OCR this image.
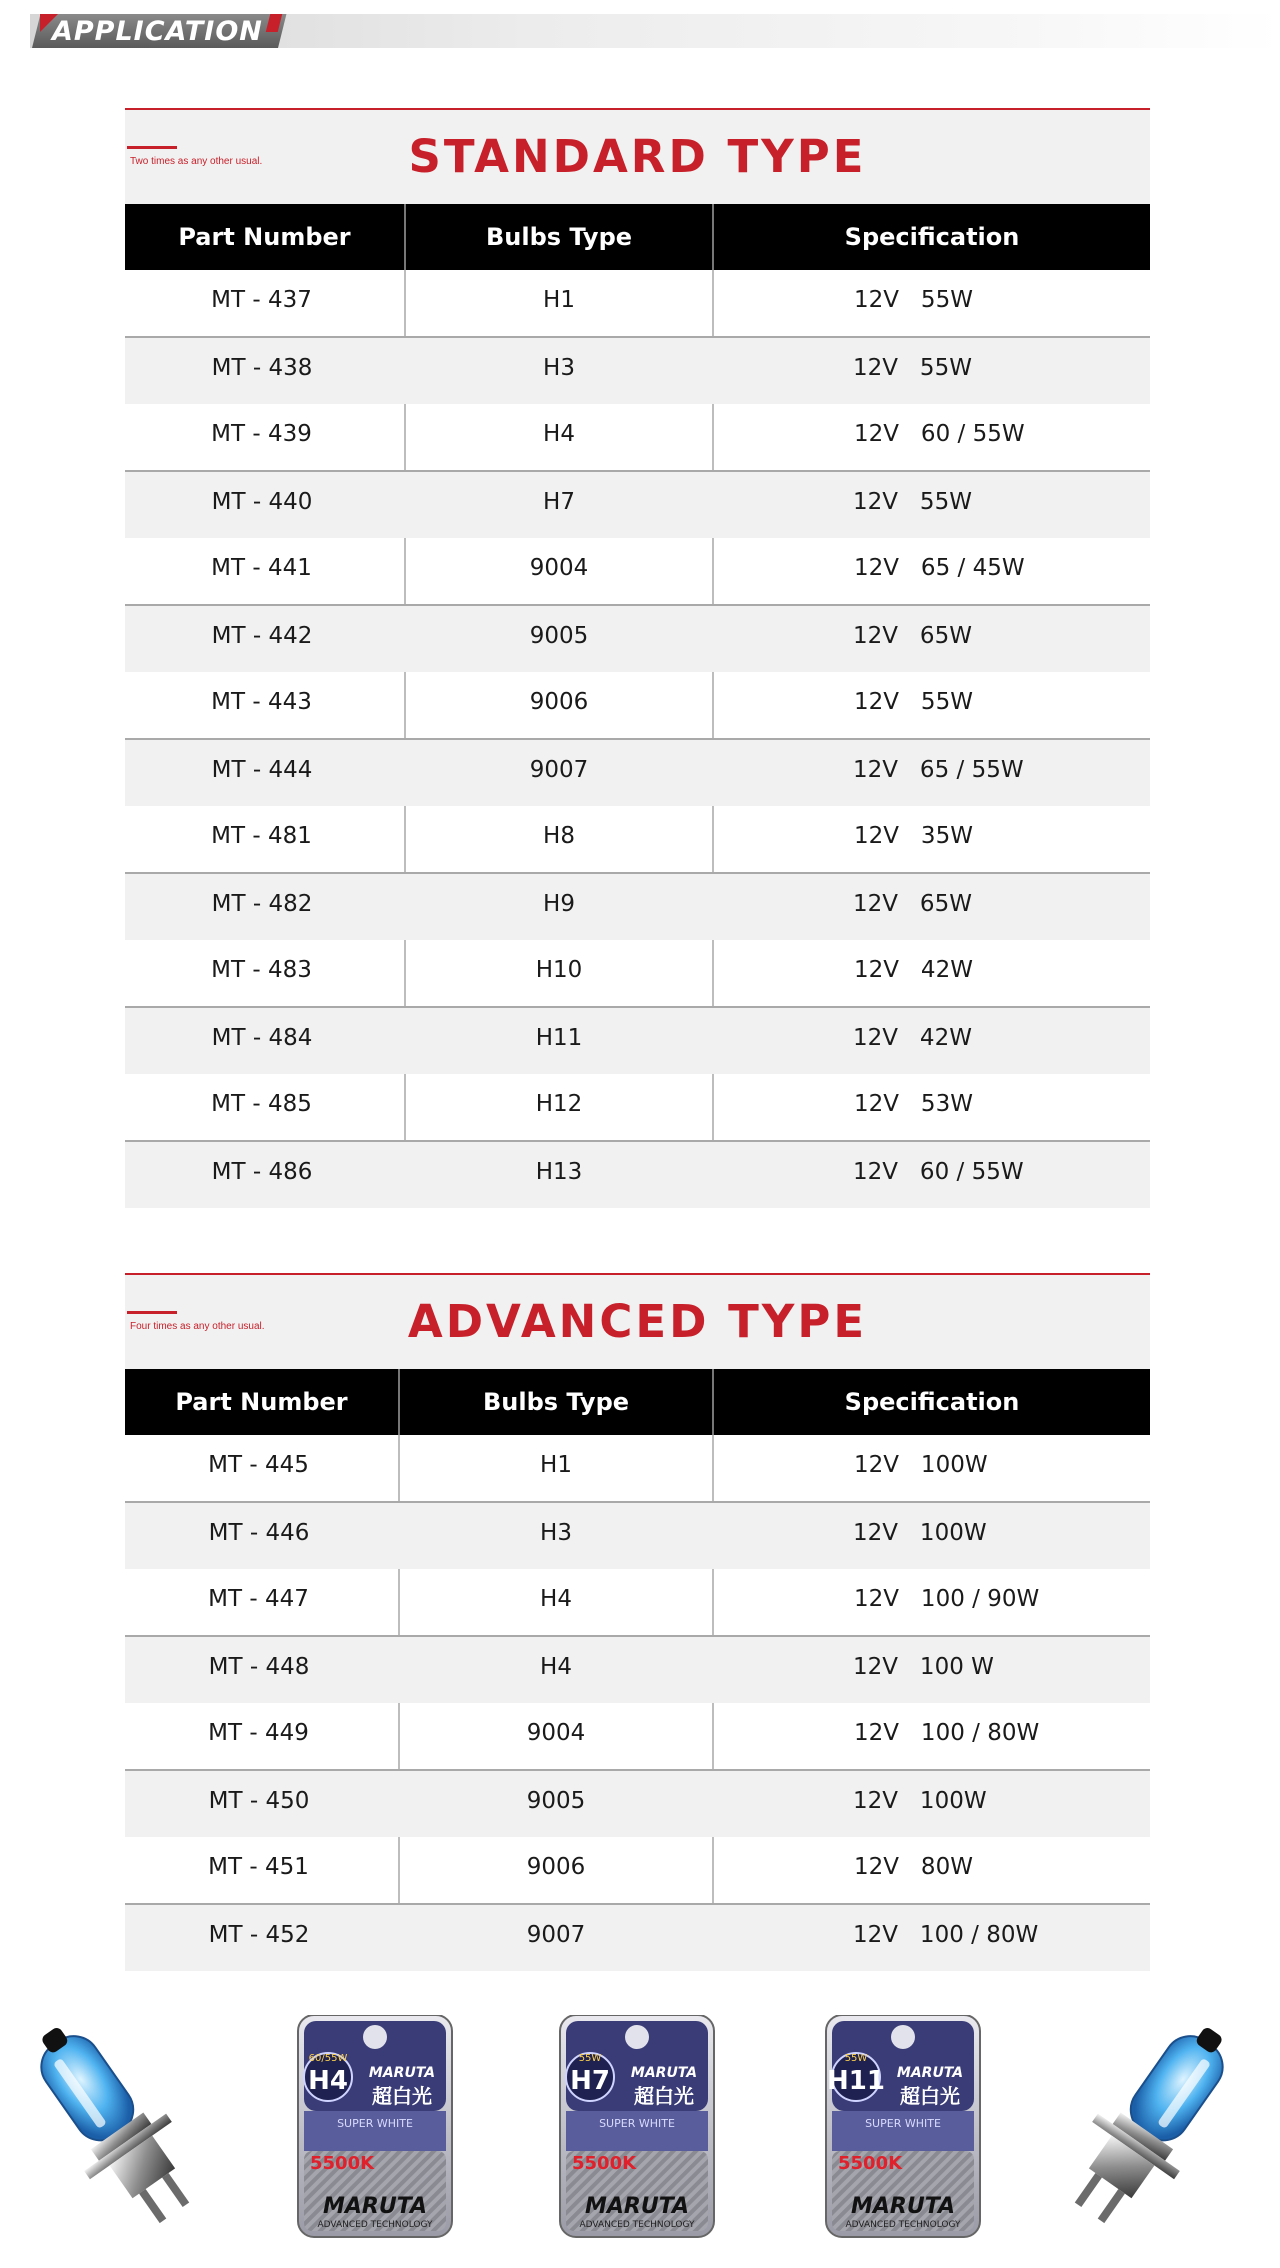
APPLICATION
Two times as any other usual.	STANDARD TYPE
Part Number	Bulbs Type	Specification
MT - 437	H1	12V   55W
MT - 438	H3	12V   55W
MT - 439	H4	12V   60 / 55W
MT - 440	H7	12V   55W
MT - 441	9004	12V   65 / 45W
MT - 442	9005	12V   65W
MT - 443	9006	12V   55W
MT - 444	9007	12V   65 / 55W
MT - 481	H8	12V   35W
MT - 482	H9	12V   65W
MT - 483	H10	12V   42W
MT - 484	H11	12V   42W
MT - 485	H12	12V   53W
MT - 486	H13	12V   60 / 55W
Four times as any other usual.	ADVANCED TYPE
Part Number	Bulbs Type	Specification
MT - 445	H1	12V   100W
MT - 446	H3	12V   100W
MT - 447	H4	12V   100 / 90W
MT - 448	H4	12V   100 W
MT - 449	9004	12V   100 / 80W
MT - 450	9005	12V   100W
MT - 451	9006	12V   80W
MT - 452	9007	12V   100 / 80W
60/55W
H4 MARUTA
超白光
SUPER WHITE
5500K
MARUTA
ADVANCED TECHNOLOGY
55W
H7 MARUTA
超白光
SUPER WHITE
5500K
MARUTA
ADVANCED TECHNOLOGY
55W
H11 MARUTA
超白光
SUPER WHITE
5500K
MARUTA
ADVANCED TECHNOLOGY
